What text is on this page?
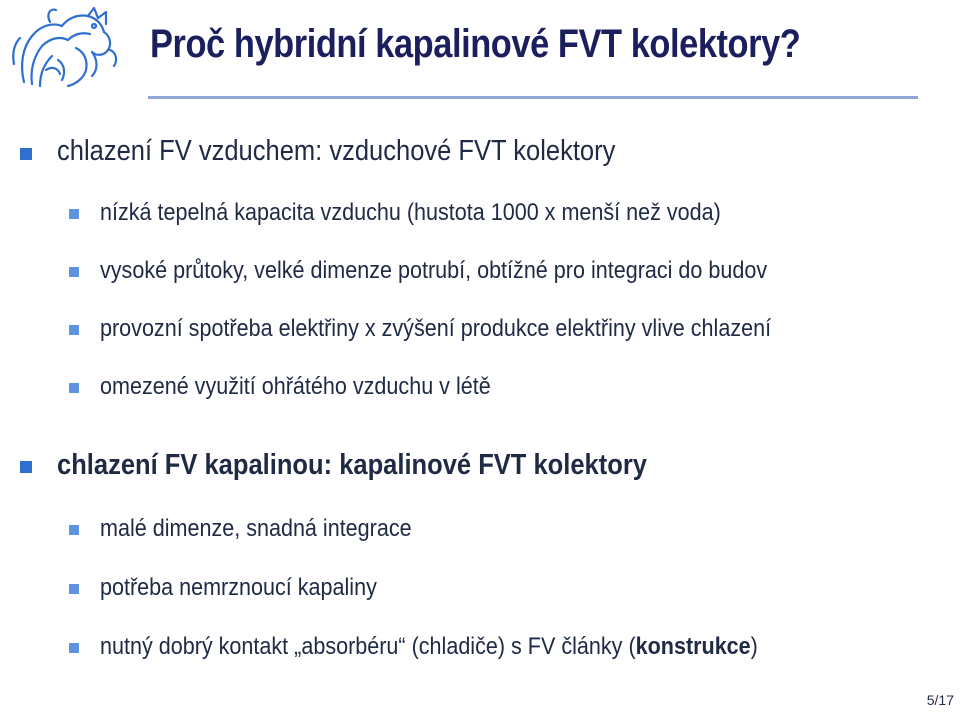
Proč hybridní kapalinové FVT kolektory?
chlazení FV vzduchem: vzduchové FVT kolektory
nízká tepelná kapacita vzduchu (hustota 1000 x menší než voda)
vysoké průtoky, velké dimenze potrubí, obtížné pro integraci do budov
provozní spotřeba elektřiny x zvýšení produkce elektřiny vlive chlazení
omezené využití ohřátého vzduchu v létě
chlazení FV kapalinou: kapalinové FVT kolektory
malé dimenze, snadná integrace
potřeba nemrznoucí kapaliny
nutný dobrý kontakt „absorbéru“ (chladiče) s FV články (konstrukce)
5/17
